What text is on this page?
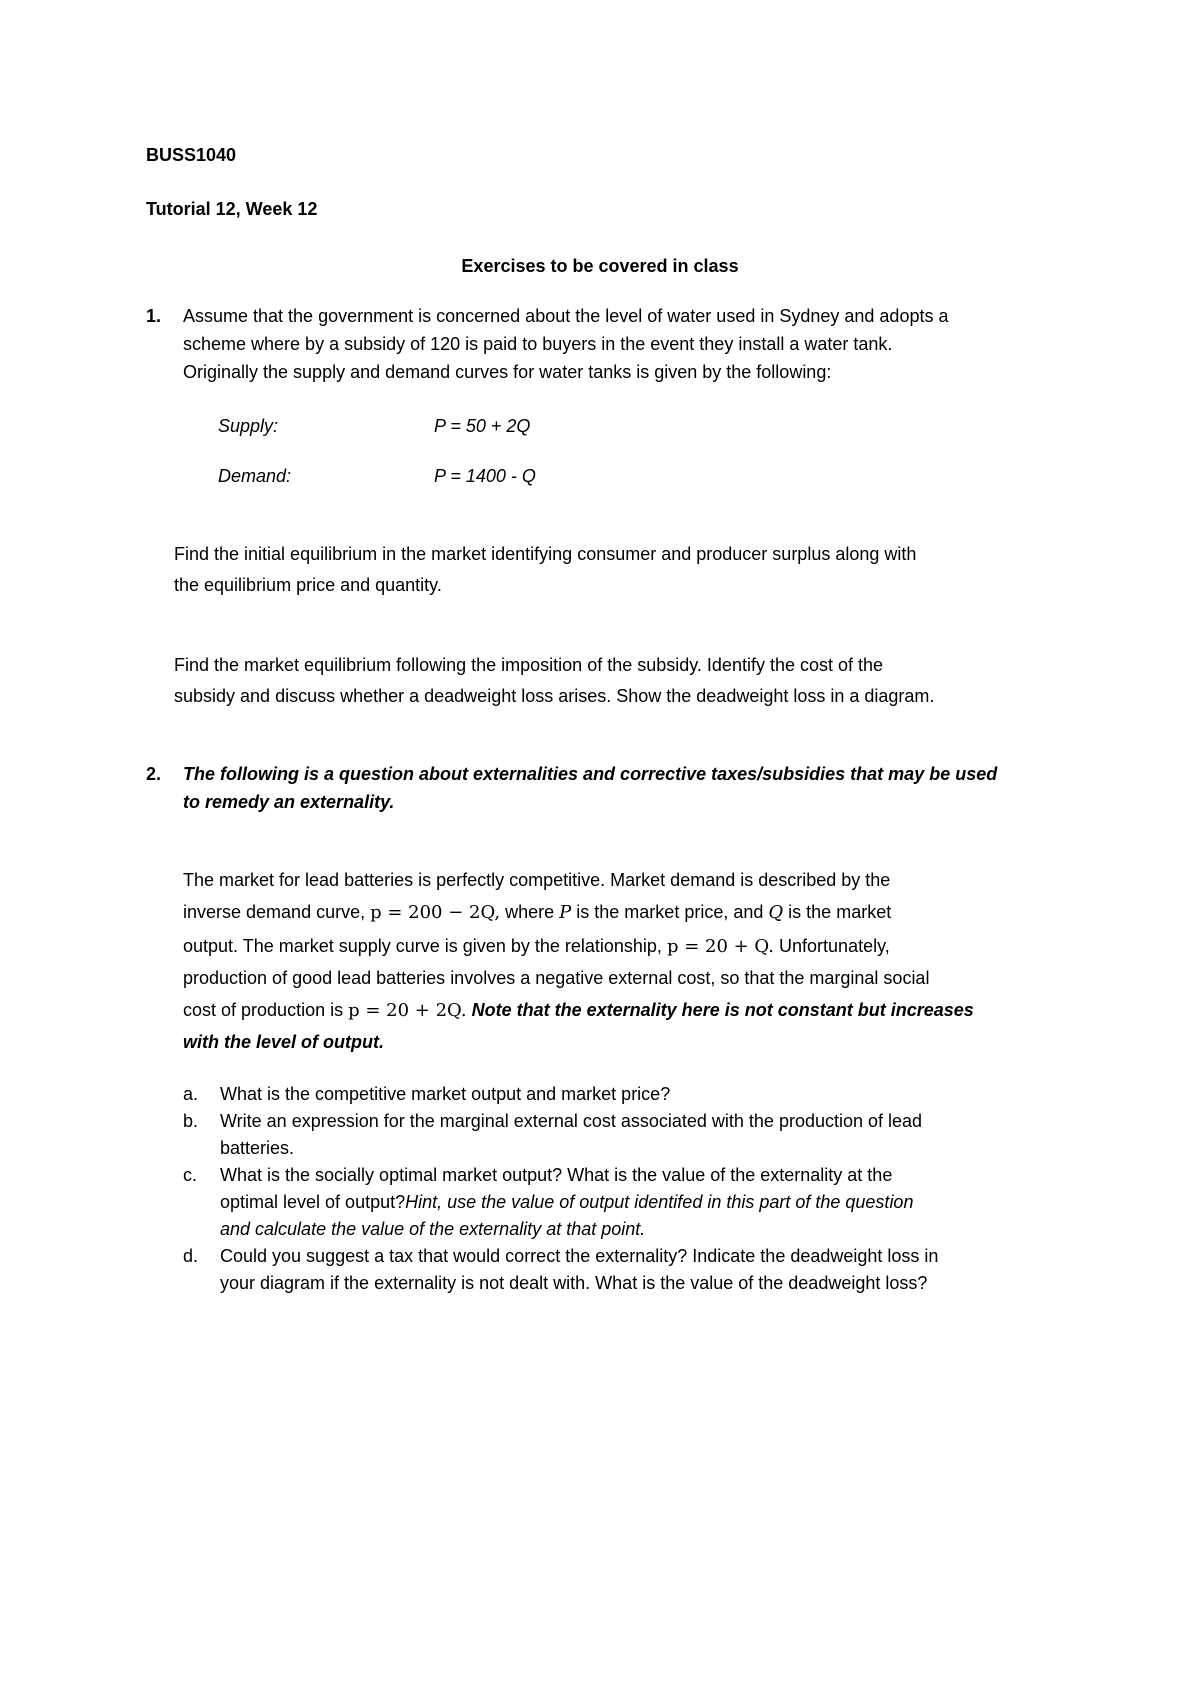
BUSS1040
Tutorial 12, Week 12
Exercises to be covered in class
1. Assume that the government is concerned about the level of water used in Sydney and adopts a
scheme where by a subsidy of 120 is paid to buyers in the event they install a water tank.
Originally the supply and demand curves for water tanks is given by the following:
Supply:	P = 50 + 2Q
Demand:	P = 1400 - Q
Find the initial equilibrium in the market identifying consumer and producer surplus along with
the equilibrium price and quantity.
Find the market equilibrium following the imposition of the subsidy. Identify the cost of the
subsidy and discuss whether a deadweight loss arises. Show the deadweight loss in a diagram.
2. The following is a question about externalities and corrective taxes/subsidies that may be used
to remedy an externality.
The market for lead batteries is perfectly competitive. Market demand is described by the
inverse demand curve, p = 200 − 2Q, where P is the market price, and Q is the market
output. The market supply curve is given by the relationship, p = 20 + Q. Unfortunately,
production of good lead batteries involves a negative external cost, so that the marginal social
cost of production is p = 20 + 2Q. Note that the externality here is not constant but increases
with the level of output.
a. What is the competitive market output and market price?
b. Write an expression for the marginal external cost associated with the production of lead
batteries.
c. What is the socially optimal market output? What is the value of the externality at the
optimal level of output?Hint, use the value of output identifed in this part of the question
and calculate the value of the externality at that point.
d. Could you suggest a tax that would correct the externality? Indicate the deadweight loss in
your diagram if the externality is not dealt with. What is the value of the deadweight loss?
